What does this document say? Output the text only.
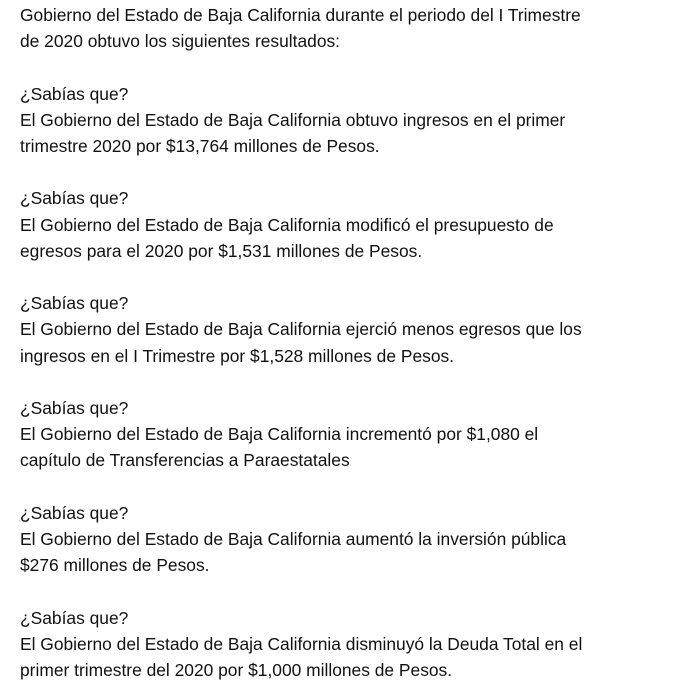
Gobierno del Estado de Baja California durante el periodo del I Trimestre
de 2020 obtuvo los siguientes resultados:
¿Sabías que?
El Gobierno del Estado de Baja California obtuvo ingresos en el primer
trimestre 2020 por $13,764 millones de Pesos.
¿Sabías que?
El Gobierno del Estado de Baja California modificó el presupuesto de
egresos para el 2020 por $1,531 millones de Pesos.
¿Sabías que?
El Gobierno del Estado de Baja California ejerció menos egresos que los
ingresos en el I Trimestre por $1,528 millones de Pesos.
¿Sabías que?
El Gobierno del Estado de Baja California incrementó por $1,080 el
capítulo de Transferencias a Paraestatales
¿Sabías que?
El Gobierno del Estado de Baja California aumentó la inversión pública
$276 millones de Pesos.
¿Sabías que?
El Gobierno del Estado de Baja California disminuyó la Deuda Total en el
primer trimestre del 2020 por $1,000 millones de Pesos.
